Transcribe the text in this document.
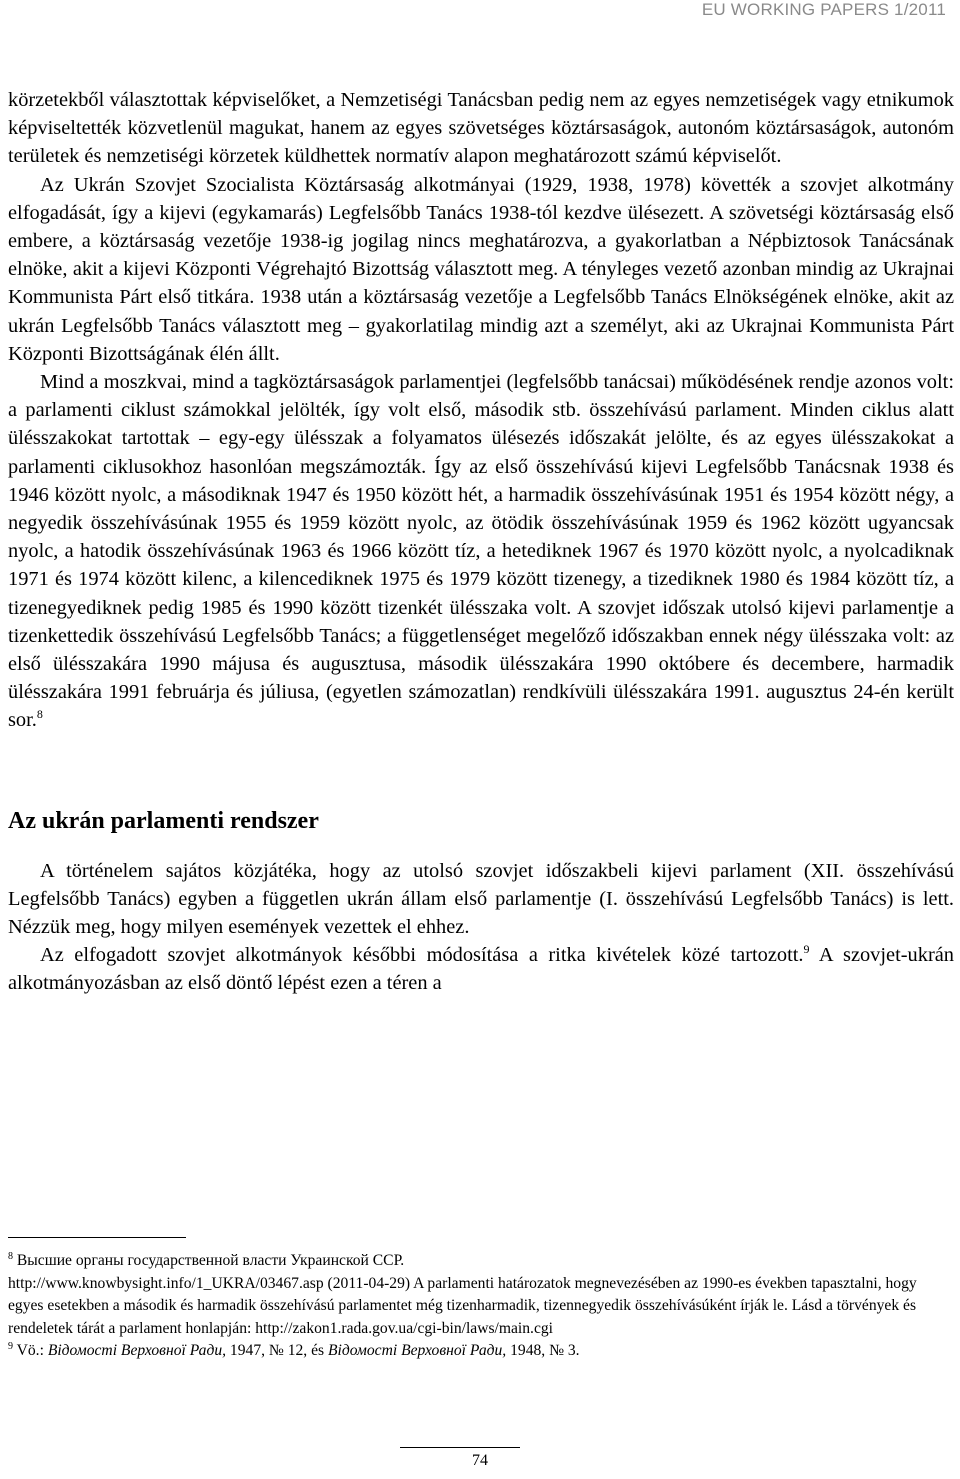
EU WORKING PAPERS 1/2011

körzetekből választottak képviselőket, a Nemzetiségi Tanácsban pedig nem az egyes nemzetiségek vagy etnikumok képviseltették közvetlenül magukat, hanem az egyes szövetséges köztársaságok, autonóm köztársaságok, autonóm területek és nemzetiségi körzetek küldhettek normatív alapon meghatározott számú képviselőt.

Az Ukrán Szovjet Szocialista Köztársaság alkotmányai (1929, 1938, 1978) követték a szovjet alkotmány elfogadását, így a kijevi (egykamarás) Legfelsőbb Tanács 1938-tól kezdve ülésezett. A szövetségi köztársaság első embere, a köztársaság vezetője 1938-ig jogilag nincs meghatározva, a gyakorlatban a Népbiztosok Tanácsának elnöke, akit a kijevi Központi Végrehajtó Bizottság választott meg. A tényleges vezető azonban mindig az Ukrajnai Kommunista Párt első titkára. 1938 után a köztársaság vezetője a Legfelsőbb Tanács Elnökségének elnöke, akit az ukrán Legfelsőbb Tanács választott meg – gyakorlatilag mindig azt a személyt, aki az Ukrajnai Kommunista Párt Központi Bizottságának élén állt.

Mind a moszkvai, mind a tagköztársaságok parlamentjei (legfelsőbb tanácsai) működésének rendje azonos volt: a parlamenti ciklust számokkal jelölték, így volt első, második stb. összehívású parlament. Minden ciklus alatt ülésszakokat tartottak – egy-egy ülésszak a folyamatos ülésezés időszakát jelölte, és az egyes ülésszakokat a parlamenti ciklusokhoz hasonlóan megszámozták. Így az első összehívású kijevi Legfelsőbb Tanácsnak 1938 és 1946 között nyolc, a másodiknak 1947 és 1950 között hét, a harmadik összehívásúnak 1951 és 1954 között négy, a negyedik összehívásúnak 1955 és 1959 között nyolc, az ötödik összehívásúnak 1959 és 1962 között ugyancsak nyolc, a hatodik összehívásúnak 1963 és 1966 között tíz, a hetediknek 1967 és 1970 között nyolc, a nyolcadiknak 1971 és 1974 között kilenc, a kilencediknek 1975 és 1979 között tizenegy, a tizediknek 1980 és 1984 között tíz, a tizenegyediknek pedig 1985 és 1990 között tizenkét ülésszaka volt. A szovjet időszak utolsó kijevi parlamentje a tizenkettedik összehívású Legfelsőbb Tanács; a függetlenséget megelőző időszakban ennek négy ülésszaka volt: az első ülésszakára 1990 májusa és augusztusa, második ülésszakára 1990 októbere és decembere, harmadik ülésszakára 1991 februárja és júliusa, (egyetlen számozatlan) rendkívüli ülésszakára 1991. augusztus 24-én került sor.$^8$

Az ukrán parlamenti rendszer

A történelem sajátos közjátéka, hogy az utolsó szovjet időszakbeli kijevi parlament (XII. összehívású Legfelsőbb Tanács) egyben a független ukrán állam első parlamentje (I. összehívású Legfelsőbb Tanács) is lett. Nézzük meg, hogy milyen események vezettek el ehhez.

Az elfogadott szovjet alkotmányok későbbi módosítása a ritka kivételek közé tartozott.$^9$ A szovjet-ukrán alkotmányozásban az első döntő lépést ezen a téren a

$^8$ Высшие органы государственной власти Украинской ССР.

http://www.knowbysight.info/1_UKRA/03467.asp (2011-04-29) A parlamenti határozatok megnevezésében az 1990-es években tapasztalni, hogy egyes esetekben a második és harmadik összehívású parlamentet még tizenharmadik, tizennegyedik összehívásúként írják le. Lásd a törvények és rendeletek tárát a parlament honlapján: http://zakon1.rada.gov.ua/cgi-bin/laws/main.cgi

$^9$ Vö.: Відомості Верховної Ради, 1947, № 12, és Відомості Верховної Ради, 1948, № 3.

74
